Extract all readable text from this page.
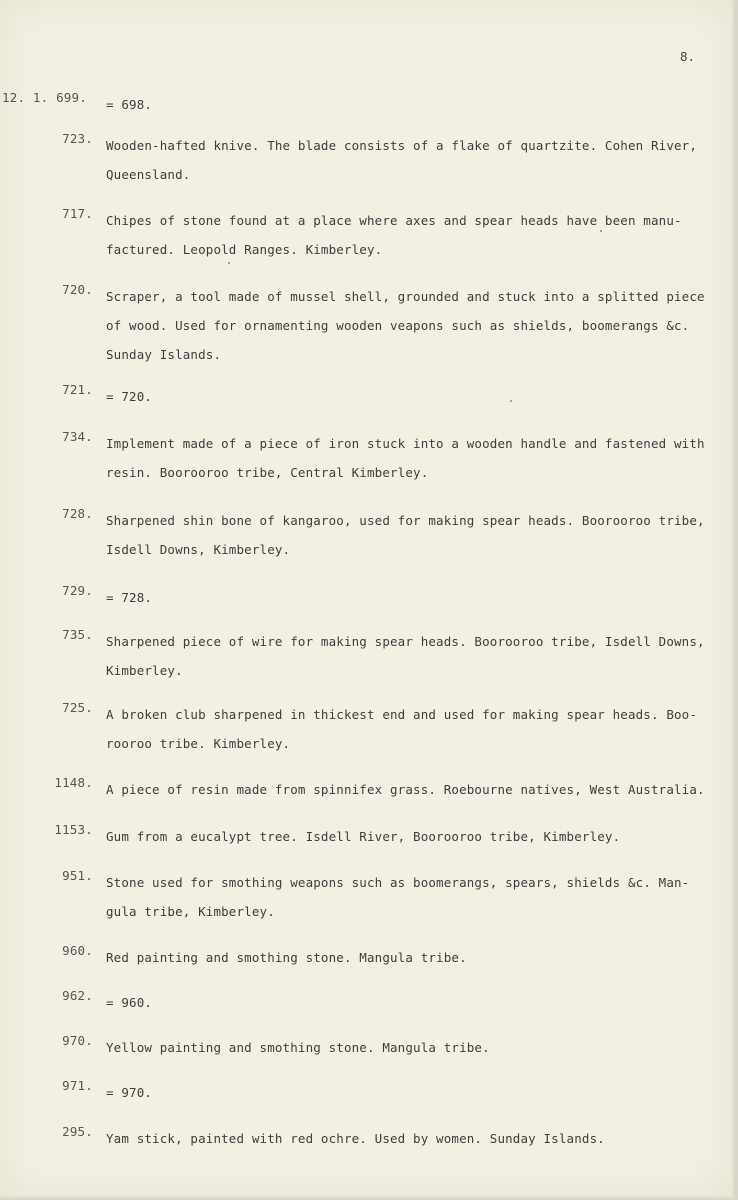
8.
12. 1. 699. = 698.
723. Wooden-hafted knive. The blade consists of a flake of quartzite. Cohen River,
Queensland.
717. Chipes of stone found at a place where axes and spear heads have been manu-
factured. Leopold Ranges. Kimberley.
720. Scraper, a tool made of mussel shell, grounded and stuck into a splitted piece
of wood. Used for ornamenting wooden veapons such as shields, boomerangs &c.
Sunday Islands.
721. = 720.
734. Implement made of a piece of iron stuck into a wooden handle and fastened with
resin. Boorooroo tribe, Central Kimberley.
728. Sharpened shin bone of kangaroo, used for making spear heads. Boorooroo tribe,
Isdell Downs, Kimberley.
729. = 728.
735. Sharpened piece of wire for making spear heads. Boorooroo tribe, Isdell Downs,
Kimberley.
725. A broken club sharpened in thickest end and used for making spear heads. Boo-
rooroo tribe. Kimberley.
1148. A piece of resin made from spinnifex grass. Roebourne natives, West Australia.
1153. Gum from a eucalypt tree. Isdell River, Boorooroo tribe, Kimberley.
951. Stone used for smothing weapons such as boomerangs, spears, shields &c. Man-
gula tribe, Kimberley.
960. Red painting and smothing stone. Mangula tribe.
962. = 960.
970. Yellow painting and smothing stone. Mangula tribe.
971. = 970.
295. Yam stick, painted with red ochre. Used by women. Sunday Islands.
